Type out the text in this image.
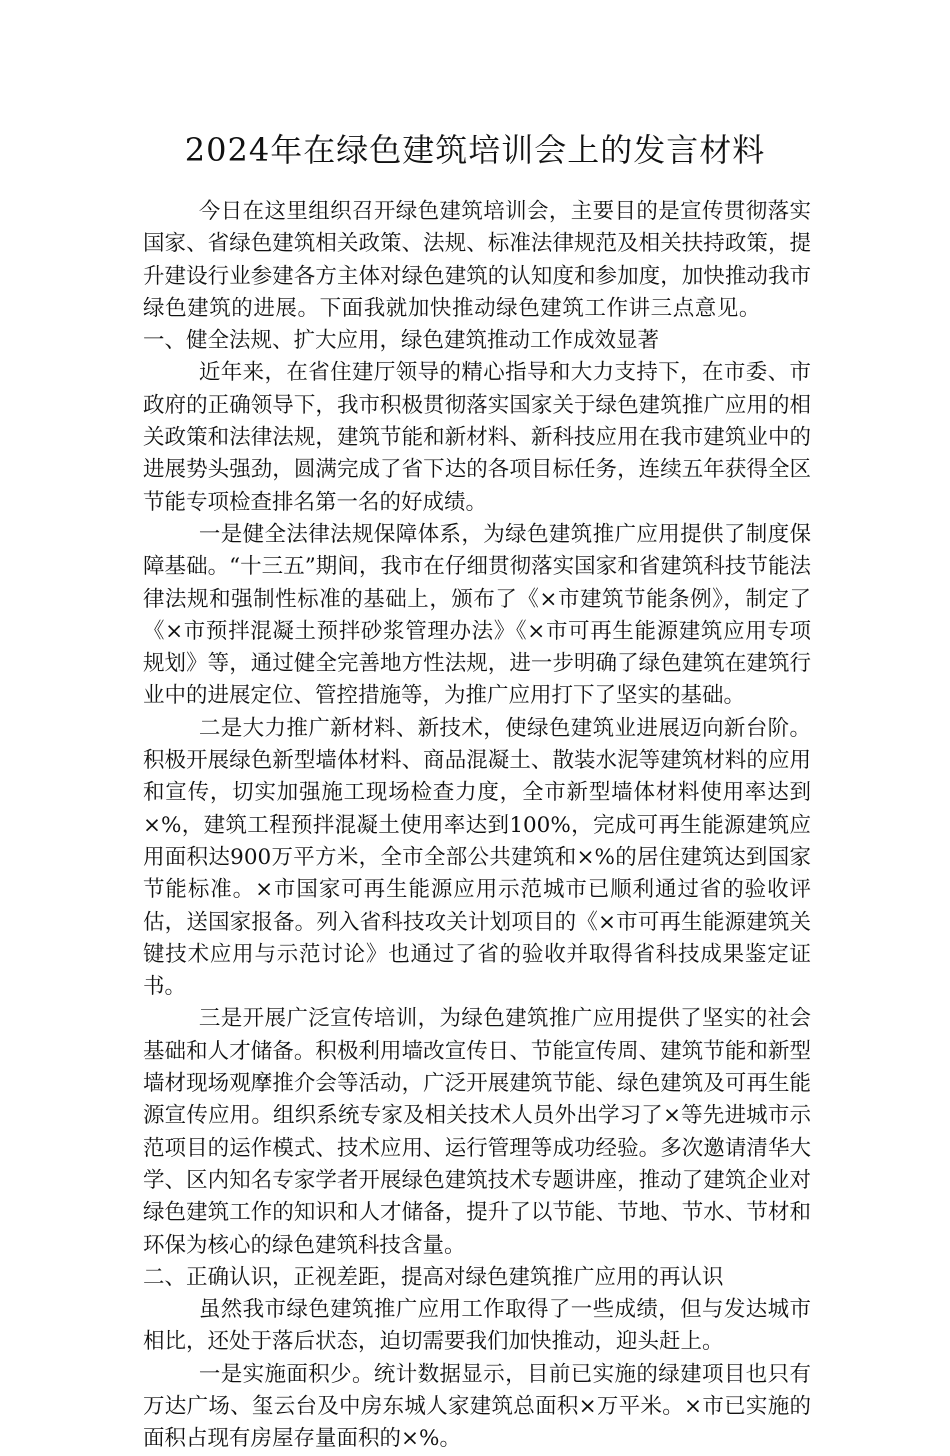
2024年在绿色建筑培训会上的发言材料

今日在这里组织召开绿色建筑培训会，主要目的是宣传贯彻落实国家、省绿色建筑相关政策、法规、标准法律规范及相关扶持政策，提升建设行业参建各方主体对绿色建筑的认知度和参加度，加快推动我市绿色建筑的进展。下面我就加快推动绿色建筑工作讲三点意见。一、健全法规、扩大应用，绿色建筑推动工作成效显著

近年来，在省住建厅领导的精心指导和大力支持下，在市委、市政府的正确领导下，我市积极贯彻落实国家关于绿色建筑推广应用的相关政策和法律法规，建筑节能和新材料、新科技应用在我市建筑业中的进展势头强劲，圆满完成了省下达的各项目标任务，连续五年获得全区节能专项检查排名第一名的好成绩。

一是健全法律法规保障体系，为绿色建筑推广应用提供了制度保障基础。“十三五”期间，我市在仔细贯彻落实国家和省建筑科技节能法律法规和强制性标准的基础上，颁布了《×市建筑节能条例》，制定了《×市预拌混凝土预拌砂浆管理办法》《×市可再生能源建筑应用专项规划》等，通过健全完善地方性法规，进一步明确了绿色建筑在建筑行业中的进展定位、管控措施等，为推广应用打下了坚实的基础。

二是大力推广新材料、新技术，使绿色建筑业进展迈向新台阶。积极开展绿色新型墙体材料、商品混凝土、散装水泥等建筑材料的应用和宣传，切实加强施工现场检查力度，全市新型墙体材料使用率达到×%，建筑工程预拌混凝土使用率达到100%，完成可再生能源建筑应用面积达900万平方米，全市全部公共建筑和×%的居住建筑达到国家节能标准。×市国家可再生能源应用示范城市已顺利通过省的验收评估，送国家报备。列入省科技攻关计划项目的《×市可再生能源建筑关键技术应用与示范讨论》也通过了省的验收并取得省科技成果鉴定证书。

三是开展广泛宣传培训，为绿色建筑推广应用提供了坚实的社会基础和人才储备。积极利用墙改宣传日、节能宣传周、建筑节能和新型墙材现场观摩推介会等活动，广泛开展建筑节能、绿色建筑及可再生能源宣传应用。组织系统专家及相关技术人员外出学习了×等先进城市示范项目的运作模式、技术应用、运行管理等成功经验。多次邀请清华大学、区内知名专家学者开展绿色建筑技术专题讲座，推动了建筑企业对绿色建筑工作的知识和人才储备，提升了以节能、节地、节水、节材和环保为核心的绿色建筑科技含量。

二、正确认识，正视差距，提高对绿色建筑推广应用的再认识

虽然我市绿色建筑推广应用工作取得了一些成绩，但与发达城市相比，还处于落后状态，迫切需要我们加快推动，迎头赶上。

一是实施面积少。统计数据显示，目前已实施的绿建项目也只有万达广场、玺云台及中房东城人家建筑总面积×万平米。×市已实施的面积占现有房屋存量面积的×%。
